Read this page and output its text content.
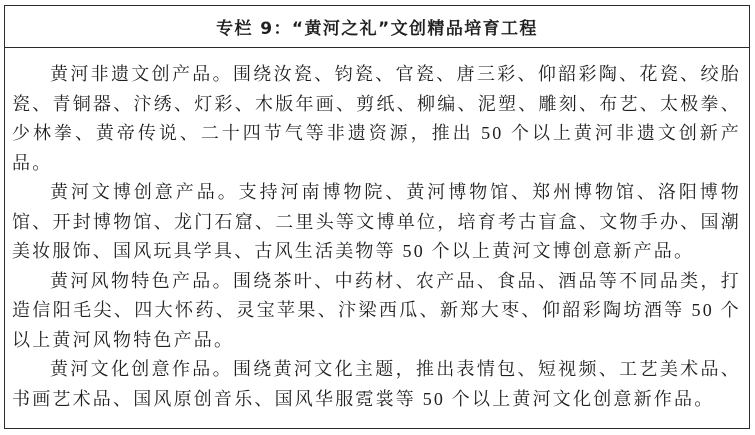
专栏 9：“黄河之礼”文创精品培育工程

黄河非遗文创产品。围绕汝瓷、钧瓷、官瓷、唐三彩、仰韶彩陶、花瓷、绞胎瓷、青铜器、汴绣、灯彩、木版年画、剪纸、柳编、泥塑、雕刻、布艺、太极拳、少林拳、黄帝传说、二十四节气等非遗资源，推出 50 个以上黄河非遗文创新产品。

黄河文博创意产品。支持河南博物院、黄河博物馆、郑州博物馆、洛阳博物馆、开封博物馆、龙门石窟、二里头等文博单位，培育考古盲盒、文物手办、国潮美妆服饰、国风玩具学具、古风生活美物等 50 个以上黄河文博创意新产品。

黄河风物特色产品。围绕茶叶、中药材、农产品、食品、酒品等不同品类，打造信阳毛尖、四大怀药、灵宝苹果、汴梁西瓜、新郑大枣、仰韶彩陶坊酒等 50 个以上黄河风物特色产品。

黄河文化创意作品。围绕黄河文化主题，推出表情包、短视频、工艺美术品、书画艺术品、国风原创音乐、国风华服霓裳等 50 个以上黄河文化创意新作品。
